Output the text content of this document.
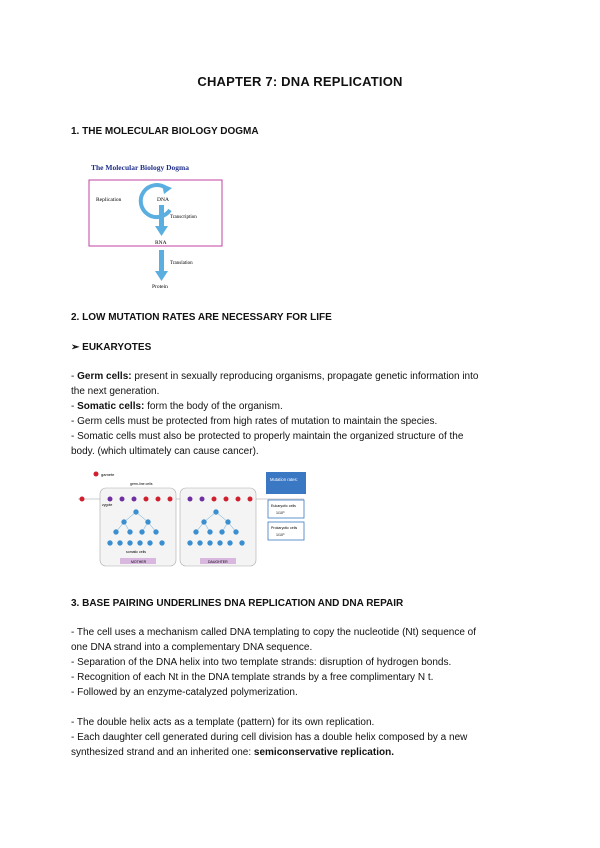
CHAPTER 7: DNA REPLICATION
1. THE MOLECULAR BIOLOGY DOGMA
The Molecular Biology Dogma
Replication	DNA
Transcription
RNA
Translation
Protein
2. LOW MUTATION RATES ARE NECESSARY FOR LIFE
➢ EUKARYOTES
- Germ cells: present in sexually reproducing organisms, propagate genetic information into
the next generation.
- Somatic cells: form the body of the organism.
- Germ cells must be protected from high rates of mutation to maintain the species.
- Somatic cells must also be protected to properly maintain the organized structure of the
body. (which ultimately can cause cancer).
gamete
germ-line cells
zygote
somatic cells
MOTHER	DAUGHTER
Mutation rates:
Eukaryotic cells
1/10⁹
Prokaryotic cells
1/10⁹
3. BASE PAIRING UNDERLINES DNA REPLICATION AND DNA REPAIR
- The cell uses a mechanism called DNA templating to copy the nucleotide (Nt) sequence of
one DNA strand into a complementary DNA sequence.
- Separation of the DNA helix into two template strands: disruption of hydrogen bonds.
- Recognition of each Nt in the DNA template strands by a free complimentary N t.
- Followed by an enzyme-catalyzed polymerization.

- The double helix acts as a template (pattern) for its own replication.
- Each daughter cell generated during cell division has a double helix composed by a new
synthesized strand and an inherited one: semiconservative replication.
